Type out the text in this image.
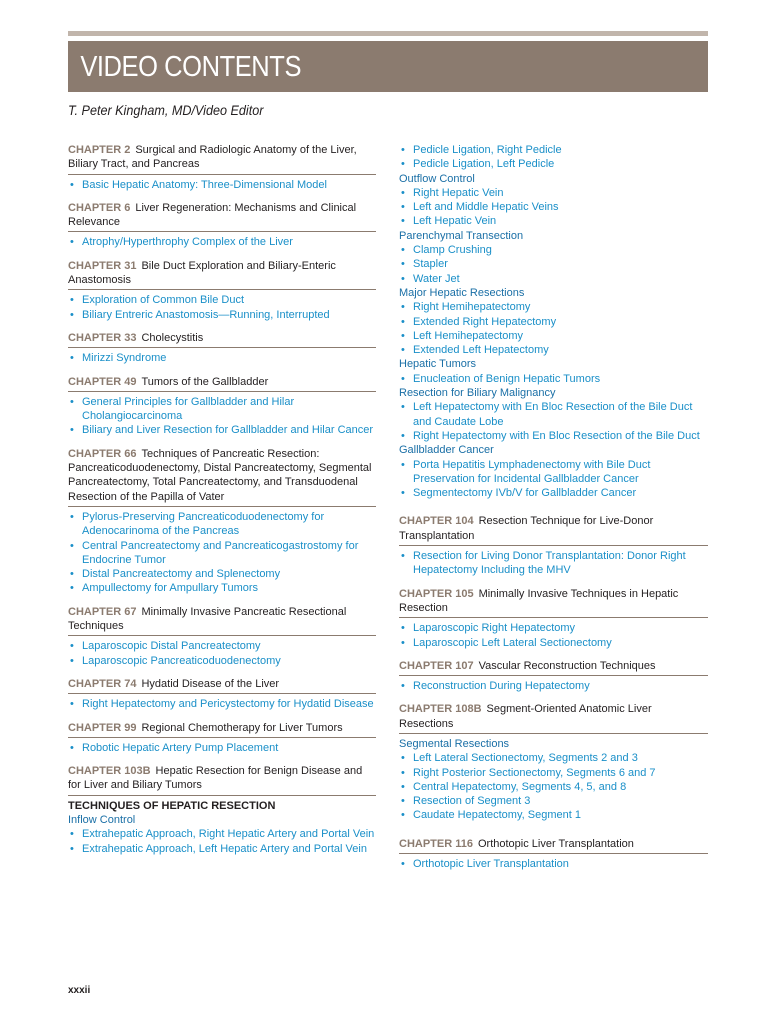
VIDEO CONTENTS
T. Peter Kingham, MD/Video Editor
CHAPTER 2 Surgical and Radiologic Anatomy of the Liver, Biliary Tract, and Pancreas
• Basic Hepatic Anatomy: Three-Dimensional Model
CHAPTER 6 Liver Regeneration: Mechanisms and Clinical Relevance
• Atrophy/Hyperthrophy Complex of the Liver
CHAPTER 31 Bile Duct Exploration and Biliary-Enteric Anastomosis
• Exploration of Common Bile Duct
• Biliary Entreric Anastomosis—Running, Interrupted
CHAPTER 33 Cholecystitis
• Mirizzi Syndrome
CHAPTER 49 Tumors of the Gallbladder
• General Principles for Gallbladder and Hilar Cholangiocarcinoma
• Biliary and Liver Resection for Gallbladder and Hilar Cancer
CHAPTER 66 Techniques of Pancreatic Resection: Pancreaticoduodenectomy, Distal Pancreatectomy, Segmental Pancreatectomy, Total Pancreatectomy, and Transduodenal Resection of the Papilla of Vater
• Pylorus-Preserving Pancreaticoduodenectomy for Adenocarinoma of the Pancreas
• Central Pancreatectomy and Pancreaticogastrostomy for Endocrine Tumor
• Distal Pancreatectomy and Splenectomy
• Ampullectomy for Ampullary Tumors
CHAPTER 67 Minimally Invasive Pancreatic Resectional Techniques
• Laparoscopic Distal Pancreatectomy
• Laparoscopic Pancreaticoduodenectomy
CHAPTER 74 Hydatid Disease of the Liver
• Right Hepatectomy and Pericystectomy for Hydatid Disease
CHAPTER 99 Regional Chemotherapy for Liver Tumors
• Robotic Hepatic Artery Pump Placement
CHAPTER 103B Hepatic Resection for Benign Disease and for Liver and Biliary Tumors
TECHNIQUES OF HEPATIC RESECTION
Inflow Control
• Extrahepatic Approach, Right Hepatic Artery and Portal Vein
• Extrahepatic Approach, Left Hepatic Artery and Portal Vein
• Pedicle Ligation, Right Pedicle
• Pedicle Ligation, Left Pedicle
Outflow Control
• Right Hepatic Vein
• Left and Middle Hepatic Veins
• Left Hepatic Vein
Parenchymal Transection
• Clamp Crushing
• Stapler
• Water Jet
Major Hepatic Resections
• Right Hemihepatectomy
• Extended Right Hepatectomy
• Left Hemihepatectomy
• Extended Left Hepatectomy
Hepatic Tumors
• Enucleation of Benign Hepatic Tumors
Resection for Biliary Malignancy
• Left Hepatectomy with En Bloc Resection of the Bile Duct and Caudate Lobe
• Right Hepatectomy with En Bloc Resection of the Bile Duct
Gallbladder Cancer
• Porta Hepatitis Lymphadenectomy with Bile Duct Preservation for Incidental Gallbladder Cancer
• Segmentectomy IVb/V for Gallbladder Cancer
CHAPTER 104 Resection Technique for Live-Donor Transplantation
• Resection for Living Donor Transplantation: Donor Right Hepatectomy Including the MHV
CHAPTER 105 Minimally Invasive Techniques in Hepatic Resection
• Laparoscopic Right Hepatectomy
• Laparoscopic Left Lateral Sectionectomy
CHAPTER 107 Vascular Reconstruction Techniques
• Reconstruction During Hepatectomy
CHAPTER 108B Segment-Oriented Anatomic Liver Resections
Segmental Resections
• Left Lateral Sectionectomy, Segments 2 and 3
• Right Posterior Sectionectomy, Segments 6 and 7
• Central Hepatectomy, Segments 4, 5, and 8
• Resection of Segment 3
• Caudate Hepatectomy, Segment 1
CHAPTER 116 Orthotopic Liver Transplantation
• Orthotopic Liver Transplantation
xxxii
